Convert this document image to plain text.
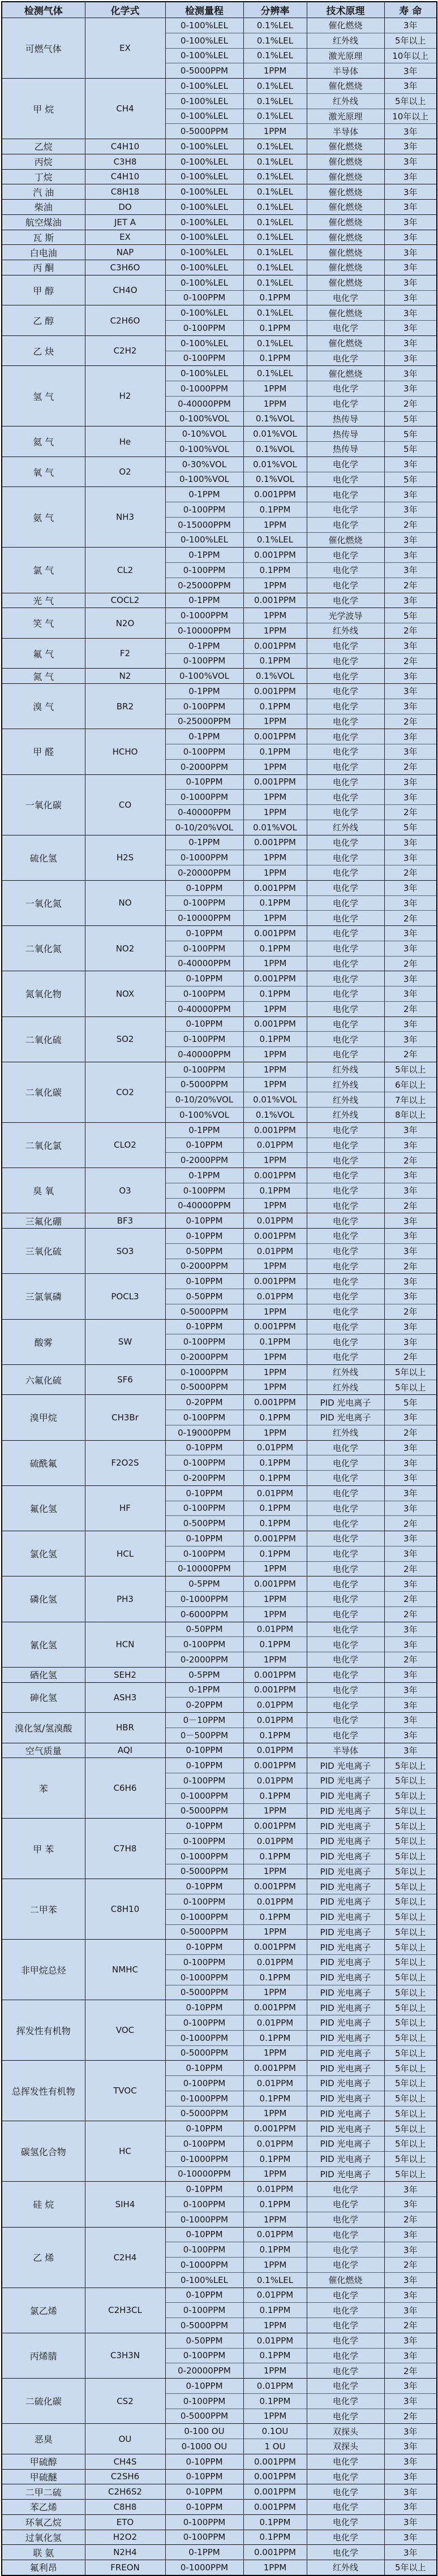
检测气体	化学式	检测量程	分辨率	技术原理	寿 命
可燃气体	EX	0-100%LEL	0.1%LEL	催化燃烧	3年
		0-100%LEL	0.1%LEL	红外线	5年以上
		0-100%LEL	0.1%LEL	激光原理	10年以上
		0-5000PPM	1PPM	半导体	3年
甲 烷	CH4	0-100%LEL	0.1%LEL	催化燃烧	3年
		0-100%LEL	0.1%LEL	红外线	5年以上
		0-100%LEL	0.1%LEL	激光原理	10年以上
		0-5000PPM	1PPM	半导体	3年
乙烷	C4H10	0-100%LEL	0.1%LEL	催化燃烧	3年
丙烷	C3H8	0-100%LEL	0.1%LEL	催化燃烧	3年
丁烷	C4H10	0-100%LEL	0.1%LEL	催化燃烧	3年
汽 油	C8H18	0-100%LEL	0.1%LEL	催化燃烧	3年
柴油	DO	0-100%LEL	0.1%LEL	催化燃烧	3年
航空煤油	JET A	0-100%LEL	0.1%LEL	催化燃烧	3年
瓦 斯	EX	0-100%LEL	0.1%LEL	催化燃烧	3年
白电油	NAP	0-100%LEL	0.1%LEL	催化燃烧	3年
丙 酮	C3H6O	0-100%LEL	0.1%LEL	催化燃烧	3年
甲 醇	CH4O	0-100%LEL	0.1%LEL	催化燃烧	3年
		0-100PPM	0.1PPM	电化学	3年
乙 醇	C2H6O	0-100%LEL	0.1%LEL	催化燃烧	3年
		0-100PPM	0.1PPM	电化学	3年
乙 炔	C2H2	0-100%LEL	0.1%LEL	催化燃烧	3年
		0-100PPM	0.1PPM	电化学	3年
氢 气	H2	0-100%LEL	0.1%LEL	催化燃烧	3年
		0-1000PPM	1PPM	电化学	3年
		0-40000PPM	1PPM	电化学	2年
		0-100%VOL	0.1%VOL	热传导	5年
氦 气	He	0-10%VOL	0.01%VOL	热传导	5年
		0-100%VOL	0.1%VOL	热传导	5年
氧 气	O2	0-30%VOL	0.01%VOL	电化学	3年
		0-100%VOL	0.1%VOL	电化学	5年
氨 气	NH3	0-1PPM	0.001PPM	电化学	3年
		0-100PPM	0.1PPM	电化学	3年
		0-15000PPM	1PPM	电化学	2年
		0-100%LEL	0.1%LEL	催化燃烧	3年
氯 气	CL2	0-1PPM	0.001PPM	电化学	3年
		0-100PPM	0.1PPM	电化学	3年
		0-25000PPM	1PPM	电化学	2年
光 气	COCL2	0-1PPM	0.001PPM	电化学	3年
笑 气	N2O	0-1000PPM	1PPM	光学波导	5年
		0-10000PPM	1PPM	红外线	2年
氟 气	F2	0-1PPM	0.001PPM	电化学	3年
		0-100PPM	0.1PPM	电化学	2年
氮 气	N2	0-100%VOL	0.1%VOL	电化学	3年
溴 气	BR2	0-1PPM	0.001PPM	电化学	3年
		0-100PPM	0.1PPM	电化学	3年
		0-25000PPM	1PPM	电化学	2年
甲 醛	HCHO	0-1PPM	0.001PPM	电化学	3年
		0-100PPM	0.1PPM	电化学	3年
		0-2000PPM	1PPM	电化学	2年
一氧化碳	CO	0-10PPM	0.001PPM	电化学	3年
		0-1000PPM	1PPM	电化学	3年
		0-40000PPM	1PPM	电化学	2年
		0-10/20%VOL	0.01%VOL	红外线	5年
硫化氢	H2S	0-1PPM	0.001PPM	电化学	3年
		0-1000PPM	1PPM	电化学	3年
		0-20000PPM	1PPM	电化学	2年
一氧化氮	NO	0-10PPM	0.001PPM	电化学	3年
		0-100PPM	0.1PPM	电化学	3年
		0-10000PPM	1PPM	电化学	2年
二氧化氮	NO2	0-10PPM	0.001PPM	电化学	3年
		0-100PPM	0.1PPM	电化学	3年
		0-40000PPM	1PPM	电化学	2年
氮氧化物	NOX	0-10PPM	0.001PPM	电化学	3年
		0-100PPM	0.1PPM	电化学	3年
		0-40000PPM	1PPM	电化学	2年
二氧化硫	SO2	0-10PPM	0.001PPM	电化学	3年
		0-100PPM	0.1PPM	电化学	3年
		0-40000PPM	1PPM	电化学	2年
二氧化碳	CO2	0-100PPM	1PPM	红外线	5年以上
		0-5000PPM	1PPM	红外线	6年以上
		0-10/20%VOL	0.01%VOL	红外线	7年以上
		0-100%VOL	0.1%VOL	红外线	8年以上
二氧化氯	CLO2	0-1PPM	0.001PPM	电化学	3年
		0-10PPM	0.01PPM	电化学	3年
		0-2000PPM	1PPM	电化学	2年
臭 氧	O3	0-1PPM	0.001PPM	电化学	3年
		0-100PPM	0.1PPM	电化学	3年
		0-40000PPM	1PPM	电化学	2年
三氟化硼	BF3	0-10PPM	0.01PPM	电化学	3年
三氧化硫	SO3	0-10PPM	0.001PPM	电化学	3年
		0-50PPM	0.01PPM	电化学	3年
		0-2000PPM	1PPM	电化学	2年
三氯氧磷	POCL3	0-10PPM	0.001PPM	电化学	3年
		0-50PPM	0.01PPM	电化学	3年
		0-5000PPM	1PPM	电化学	2年
酸雾	SW	0-10PPM	0.001PPM	电化学	3年
		0-100PPM	0.1PPM	电化学	3年
		0-2000PPM	1PPM	电化学	2年
六氟化硫	SF6	0-1000PPM	1PPM	红外线	5年以上
		0-5000PPM	1PPM	红外线	5年以上
溴甲烷	CH3Br	0-20PPM	0.001PPM	PID 光电离子	5年
		0-100PPM	0.1PPM	PID 光电离子	3年
		0-19000PPM	1PPM	红外线	2年
硫酰氟	F2O2S	0-10PPM	0.01PPM	电化学	3年
		0-100PPM	0.1PPM	电化学	3年
		0-200PPM	0.1PPM	电化学	3年
氟化氢	HF	0-10PPM	0.01PPM	电化学	3年
		0-100PPM	0.1PPM	电化学	3年
		0-500PPM	0.1PPM	电化学	2年
氯化氢	HCL	0-10PPM	0.001PPM	电化学	3年
		0-100PPM	0.1PPM	电化学	3年
		0-10000PPM	1PPM	电化学	2年
磷化氢	PH3	0-5PPM	0.001PPM	电化学	3年
		0-1000PPM	1PPM	电化学	2年
		0-6000PPM	1PPM	电化学	2年
氰化氢	HCN	0-50PPM	0.01PPM	电化学	3年
		0-100PPM	0.1PPM	电化学	3年
		0-2000PPM	1PPM	电化学	2年
硒化氢	SEH2	0-5PPM	0.001PPM	电化学	3年
砷化氢	ASH3	0-1PPM	0.001PPM	电化学	3年
		0-20PPM	0.01PPM	电化学	3年
溴化氢/氢溴酸	HBR	0－10PPM	0.01PPM	电化学	3年
		0－500PPM	0.1PPM	电化学	3年
空气质量	AQI	0-10PPM	0.01PPM	半导体	3年
苯	C6H6	0-10PPM	0.001PPM	PID 光电离子	5年以上
		0-100PPM	0.01PPM	PID 光电离子	5年以上
		0-1000PPM	0.1PPM	PID 光电离子	5年以上
		0-5000PPM	1PPM	PID 光电离子	5年以上
甲 苯	C7H8	0-10PPM	0.001PPM	PID 光电离子	5年以上
		0-100PPM	0.01PPM	PID 光电离子	5年以上
		0-1000PPM	0.1PPM	PID 光电离子	5年以上
		0-5000PPM	1PPM	PID 光电离子	5年以上
二甲苯	C8H10	0-10PPM	0.001PPM	PID 光电离子	5年以上
		0-100PPM	0.01PPM	PID 光电离子	5年以上
		0-1000PPM	0.1PPM	PID 光电离子	5年以上
		0-5000PPM	1PPM	PID 光电离子	5年以上
非甲烷总烃	NMHC	0-10PPM	0.001PPM	PID 光电离子	5年以上
		0-100PPM	0.01PPM	PID 光电离子	5年以上
		0-1000PPM	0.1PPM	PID 光电离子	5年以上
		0-5000PPM	1PPM	PID 光电离子	5年以上
挥发性有机物	VOC	0-10PPM	0.001PPM	PID 光电离子	5年以上
		0-100PPM	0.01PPM	PID 光电离子	5年以上
		0-1000PPM	0.1PPM	PID 光电离子	5年以上
		0-5000PPM	1PPM	PID 光电离子	5年以上
总挥发性有机物	TVOC	0-10PPM	0.001PPM	PID 光电离子	5年以上
		0-100PPM	0.01PPM	PID 光电离子	5年以上
		0-1000PPM	0.1PPM	PID 光电离子	5年以上
		0-5000PPM	1PPM	PID 光电离子	5年以上
碳氢化合物	HC	0-10PPM	0.001PPM	PID 光电离子	5年以上
		0-100PPM	0.01PPM	PID 光电离子	5年以上
		0-1000PPM	0.1PPM	PID 光电离子	5年以上
		0-10000PPM	1PPM	PID 光电离子	5年以上
硅 烷	SIH4	0-10PPM	0.01PPM	电化学	3年
		0-100PPM	0.1PPM	电化学	3年
		0-1000PPM	1PPM	电化学	2年
乙 烯	C2H4	0-10PPM	0.01PPM	电化学	3年
		0-100PPM	0.1PPM	电化学	3年
		0-1000PPM	1PPM	电化学	2年
		0-100%LEL	0.1%LEL	催化燃烧	3年
氯乙烯	C2H3CL	0-10PPM	0.01PPM	电化学	3年
		0-100PPM	0.1PPM	电化学	3年
		0-5000PPM	1PPM	电化学	2年
丙烯腈	C3H3N	0-50PPM	0.01PPM	电化学	3年
		0-100PPM	0.1PPM	电化学	3年
		0-20000PPM	1PPM	电化学	2年
二硫化碳	CS2	0-10PPM	0.01PPM	电化学	3年
		0-100PPM	0.1PPM	电化学	3年
		0-5000PPM	1PPM	电化学	2年
恶臭	OU	0-100 OU	0.1OU	双探头	3年
		0-1000 OU	1 OU	双探头	3年
甲硫醇	CH4S	0-10PPM	0.001PPM	电化学	3年
甲硫醚	C2SH6	0-10PPM	0.001PPM	电化学	3年
二甲二硫	C2H6S2	0-10PPM	0.001PPM	电化学	3年
苯乙烯	C8H8	0-10PPM	0.001PPM	电化学	3年
环氧乙烷	ETO	0-100PPM	0.1PPM	电化学	3年
过氧化氢	H2O2	0-100PPM	0.1PPM	电化学	3年
联 氨	N2H4	0-1PPM	0.001PPM	电化学	3年
氟利昂	FREON	0-1000PPM	1PPM	红外线	5年以上
